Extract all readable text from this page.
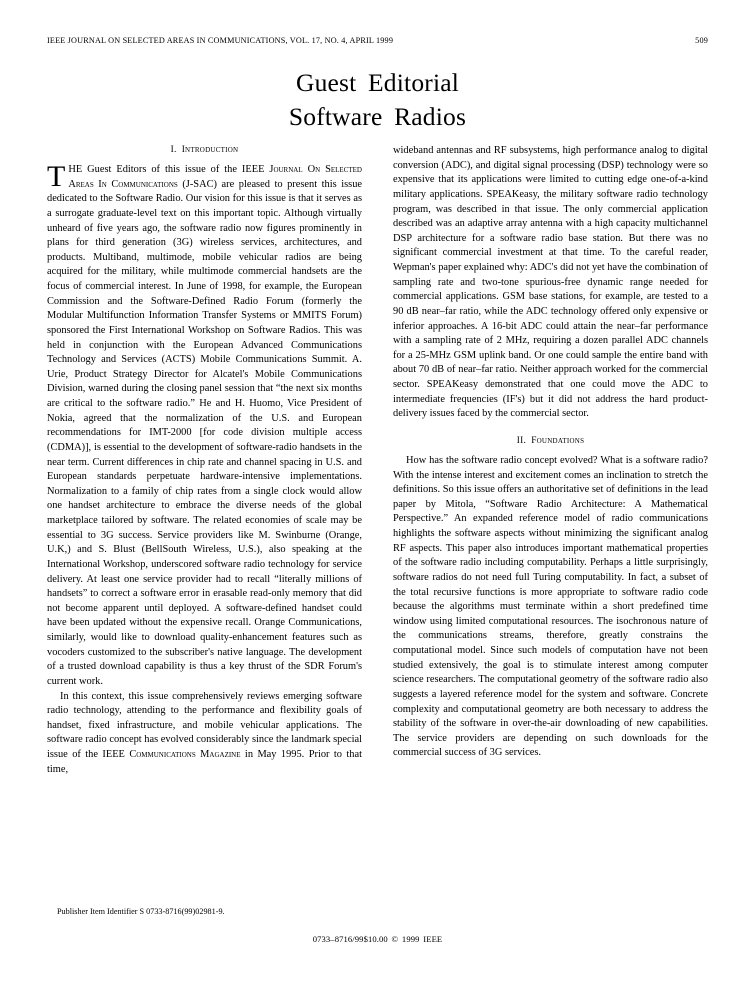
IEEE JOURNAL ON SELECTED AREAS IN COMMUNICATIONS, VOL. 17, NO. 4, APRIL 1999	509
Guest Editorial
Software Radios
I. Introduction

THE Guest Editors of this issue of the IEEE Journal On Selected Areas In Communications (J-SAC) are pleased to present this issue dedicated to the Software Radio. Our vision for this issue is that it serves as a surrogate graduate-level text on this important topic. Although virtually unheard of five years ago, the software radio now figures prominently in plans for third generation (3G) wireless services, architectures, and products. Multiband, multimode, mobile vehicular radios are being acquired for the military, while multimode commercial handsets are the focus of commercial interest. In June of 1998, for example, the European Commission and the Software-Defined Radio Forum (formerly the Modular Multifunction Information Transfer Systems or MMITS Forum) sponsored the First International Workshop on Software Radios. This was held in conjunction with the European Advanced Communications Technology and Services (ACTS) Mobile Communications Summit. A. Urie, Product Strategy Director for Alcatel's Mobile Communications Division, warned during the closing panel session that “the next six months are critical to the software radio.” He and H. Huomo, Vice President of Nokia, agreed that the normalization of the U.S. and European recommendations for IMT-2000 [for code division multiple access (CDMA)], is essential to the development of software-radio handsets in the near term. Current differences in chip rate and channel spacing in U.S. and European standards perpetuate hardware-intensive implementations. Normalization to a family of chip rates from a single clock would allow one handset architecture to embrace the diverse needs of the global marketplace tailored by software. The related economies of scale may be essential to 3G success. Service providers like M. Swinburne (Orange, U.K,) and S. Blust (BellSouth Wireless, U.S.), also speaking at the International Workshop, underscored software radio technology for service delivery. At least one service provider had to recall “literally millions of handsets” to correct a software error in erasable read-only memory that did not become apparent until deployed. A software-defined handset could have been updated without the expensive recall. Orange Communications, similarly, would like to download quality-enhancement features such as vocoders customized to the subscriber's native language. The development of a trusted download capability is thus a key thrust of the SDR Forum's current work.

In this context, this issue comprehensively reviews emerging software radio technology, attending to the performance and flexibility goals of handset, fixed infrastructure, and mobile vehicular applications. The software radio concept has evolved considerably since the landmark special issue of the IEEE Communications Magazine in May 1995. Prior to that time,

wideband antennas and RF subsystems, high performance analog to digital conversion (ADC), and digital signal processing (DSP) technology were so expensive that its applications were limited to cutting edge one-of-a-kind military applications. SPEAKeasy, the military software radio technology program, was described in that issue. The only commercial application described was an adaptive array antenna with a high capacity multichannel DSP architecture for a software radio base station. But there was no significant commercial investment at that time. To the careful reader, Wepman's paper explained why: ADC's did not yet have the combination of sampling rate and two-tone spurious-free dynamic range needed for commercial applications. GSM base stations, for example, are tested to a 90 dB near–far ratio, while the ADC technology offered only expensive or inferior approaches. A 16-bit ADC could attain the near–far performance with a sampling rate of 2 MHz, requiring a dozen parallel ADC channels for a 25-MHz GSM uplink band. Or one could sample the entire band with about 70 dB of near–far ratio. Neither approach worked for the commercial sector. SPEAKeasy demonstrated that one could move the ADC to intermediate frequencies (IF's) but it did not address the hard product-delivery issues faced by the commercial sector.

II. Foundations

How has the software radio concept evolved? What is a software radio? With the intense interest and excitement comes an inclination to stretch the definitions. So this issue offers an authoritative set of definitions in the lead paper by Mitola, “Software Radio Architecture: A Mathematical Perspective.” An expanded reference model of radio communications highlights the software aspects without minimizing the significant analog RF aspects. This paper also introduces important mathematical properties of the software radio including computability. Perhaps a little surprisingly, software radios do not need full Turing computability. In fact, a subset of the total recursive functions is more appropriate to software radio code because the algorithms must terminate within a short predefined time window using limited computational resources. The isochronous nature of the communications streams, therefore, greatly constrains the computational model. Since such models of computation have not been studied extensively, the goal is to stimulate interest among computer science researchers. The computational geometry of the software radio also suggests a layered reference model for the system and software. Concrete complexity and computational geometry are both necessary to address the stability of the software in over-the-air downloading of new capabilities. The service providers are depending on such downloads for the commercial success of 3G services.

Publisher Item Identifier S 0733-8716(99)02981-9.
0733–8716/99$10.00 © 1999 IEEE
